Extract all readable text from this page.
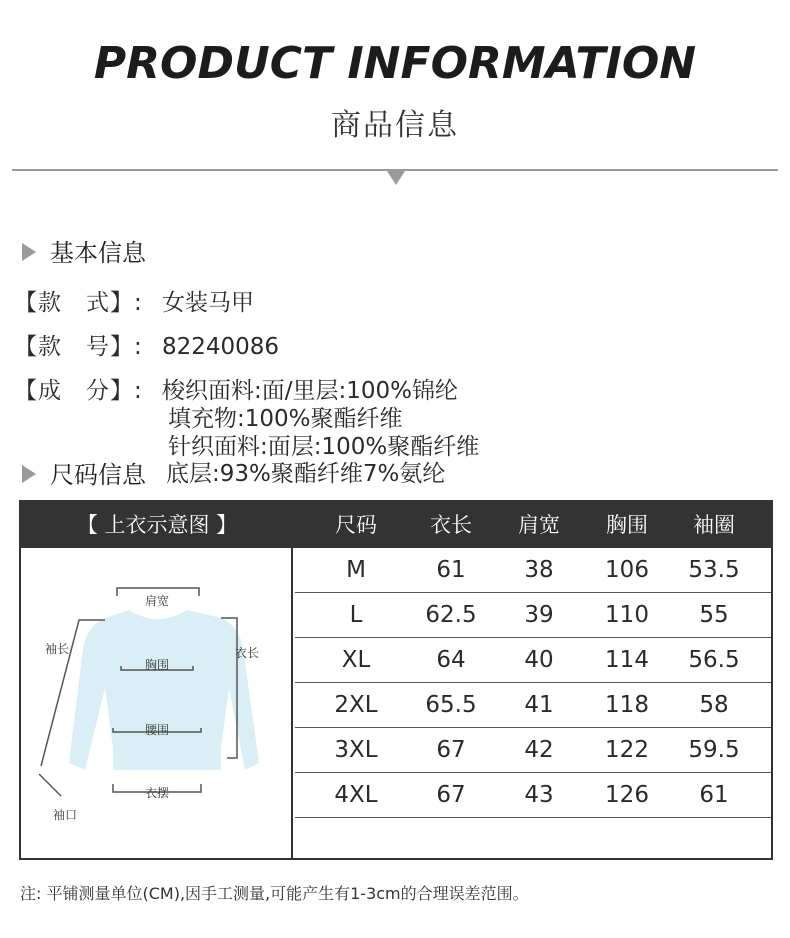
PRODUCT INFORMATION
商品信息
基本信息
【款　式】: 女装马甲
【款　号】: 82240086
【成　分】: 梭织面料:面/里层:100%锦纶
填充物:100%聚酯纤维
针织面料:面层:100%聚酯纤维
尺码信息 底层:93%聚酯纤维7%氨纶
【 上衣示意图 】	尺码	衣长	肩宽	胸围	袖圈
肩宽
袖长	衣长
胸围
腰围
衣摆
袖口
M	61	38	106	53.5
L	62.5	39	110	55
XL	64	40	114	56.5
2XL	65.5	41	118	58
3XL	67	42	122	59.5
4XL	67	43	126	61
注: 平铺测量单位(CM),因手工测量,可能产生有1-3cm的合理误差范围。
